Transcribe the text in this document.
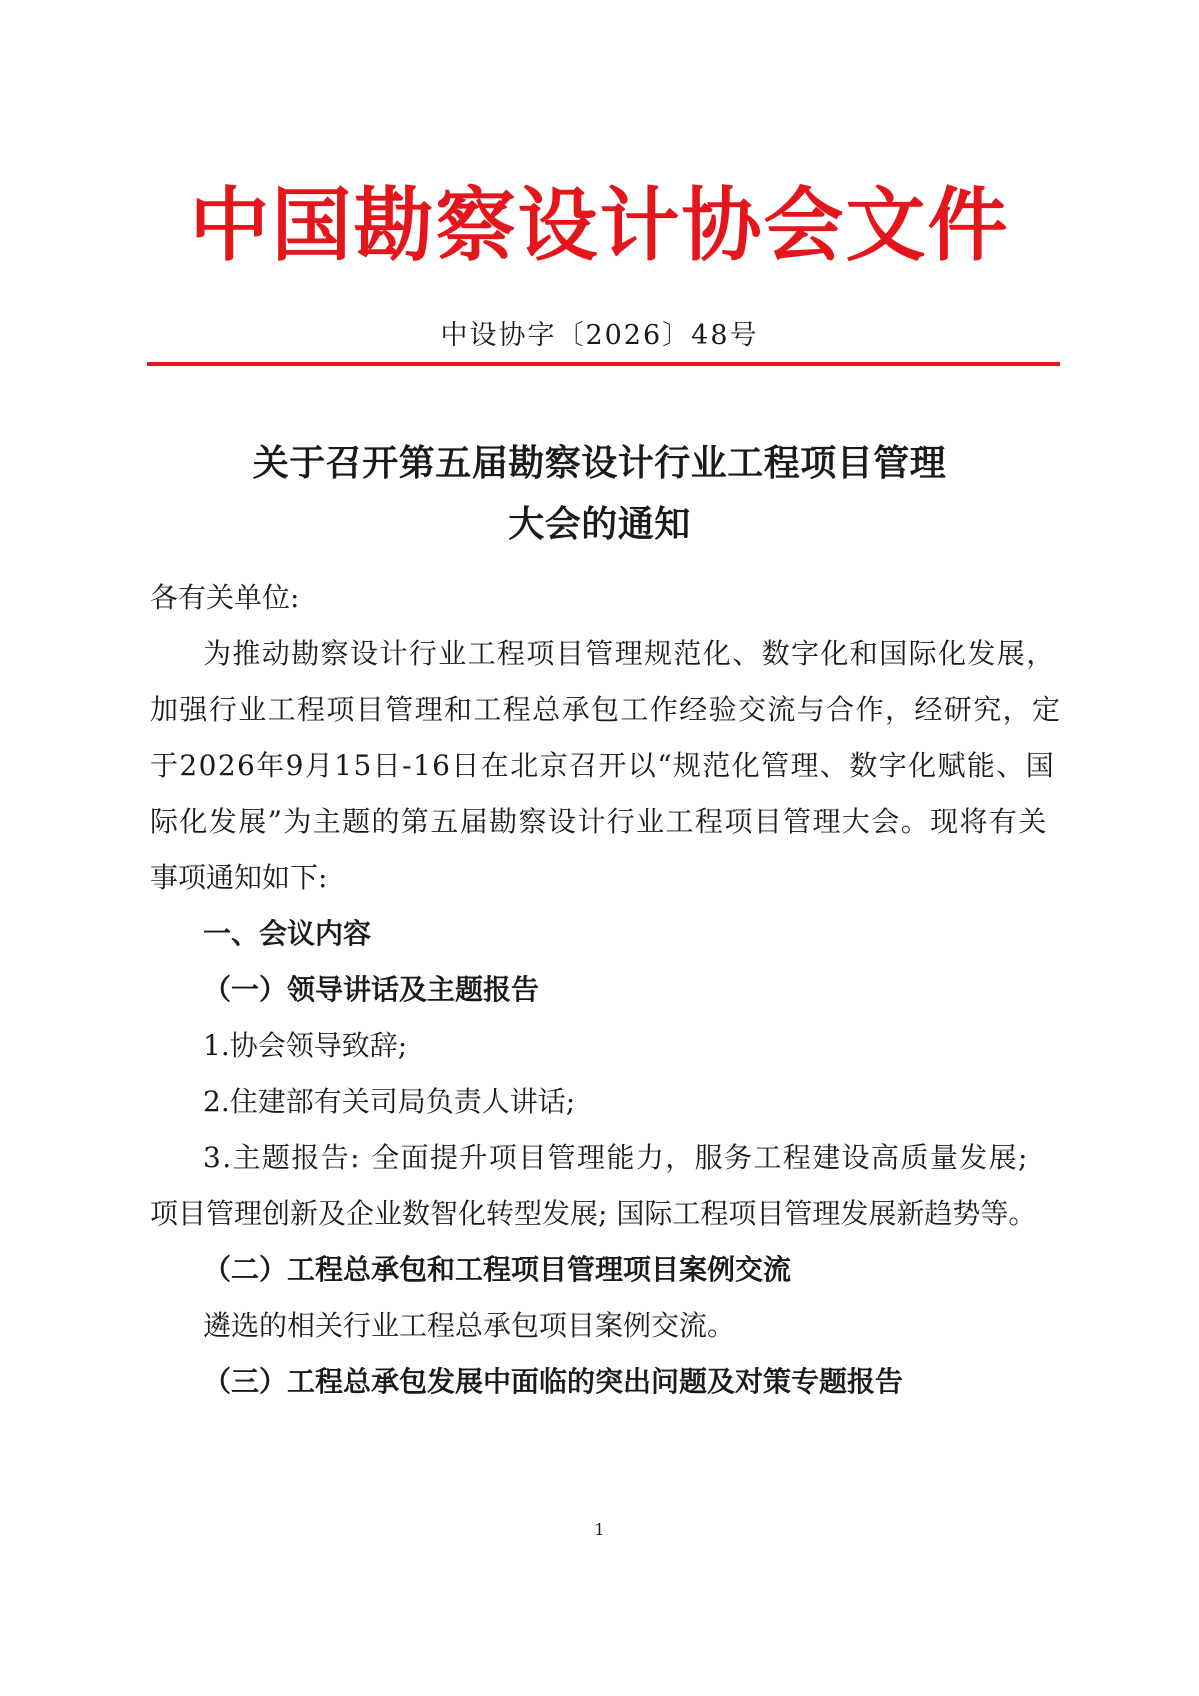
中国勘察设计协会文件
中设协字〔2026〕48号
关于召开第五届勘察设计行业工程项目管理
大会的通知
各有关单位:
为推动勘察设计行业工程项目管理规范化、数字化和国际化发展，
加强行业工程项目管理和工程总承包工作经验交流与合作，经研究，定
于2026年9月15日-16日在北京召开以“规范化管理、数字化赋能、国
际化发展”为主题的第五届勘察设计行业工程项目管理大会。现将有关
事项通知如下:
一、会议内容
（一）领导讲话及主题报告
1.协会领导致辞;
2.住建部有关司局负责人讲话;
3.主题报告: 全面提升项目管理能力，服务工程建设高质量发展;
项目管理创新及企业数智化转型发展; 国际工程项目管理发展新趋势等。
（二）工程总承包和工程项目管理项目案例交流
遴选的相关行业工程总承包项目案例交流。
（三）工程总承包发展中面临的突出问题及对策专题报告
1
